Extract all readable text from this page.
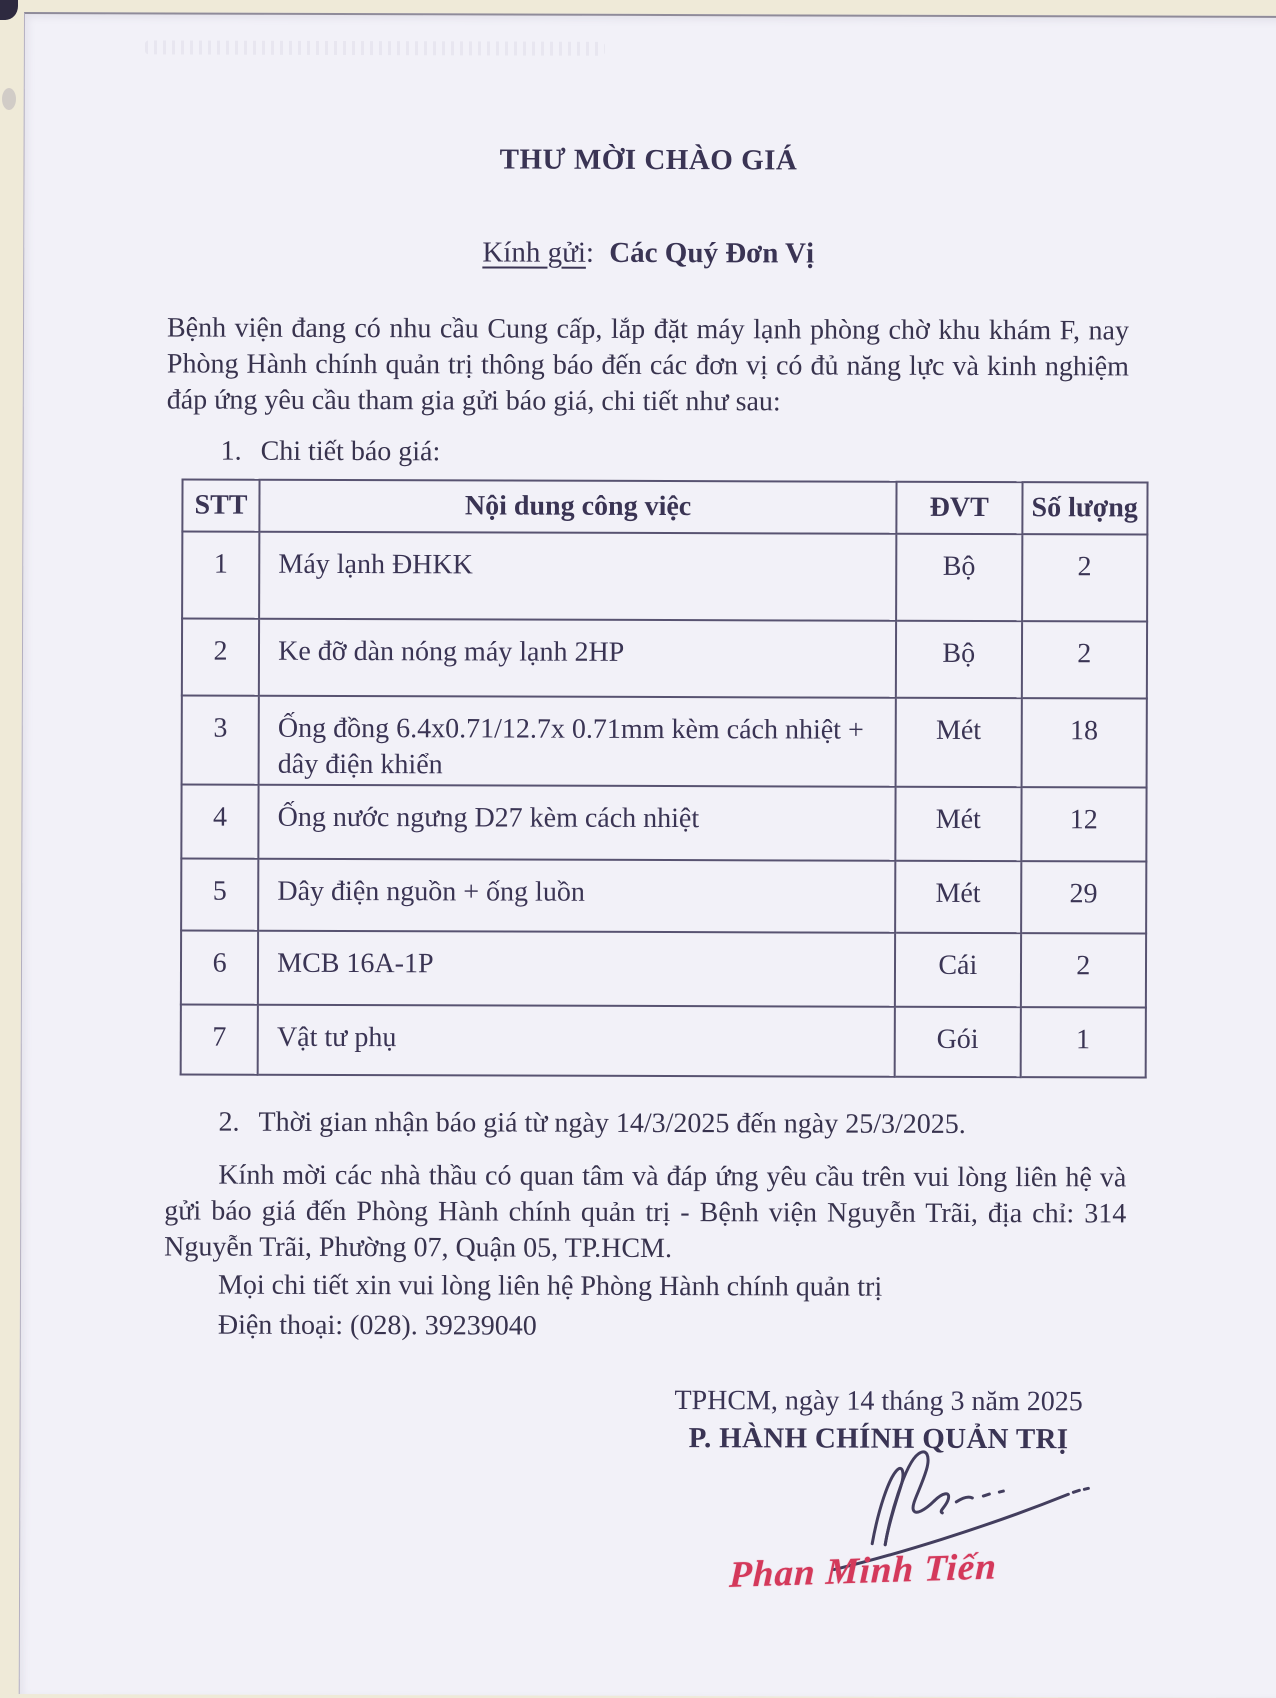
THƯ MỜI CHÀO GIÁ
Kính gửi: Các Quý Đơn Vị

Bệnh viện đang có nhu cầu Cung cấp, lắp đặt máy lạnh phòng chờ khu khám F, nay Phòng Hành chính quản trị thông báo đến các đơn vị có đủ năng lực và kinh nghiệm đáp ứng yêu cầu tham gia gửi báo giá, chi tiết như sau:

1. Chi tiết báo giá:
STT	Nội dung công việc	ĐVT	Số lượng
1	Máy lạnh ĐHKK	Bộ	2
2	Ke đỡ dàn nóng máy lạnh 2HP	Bộ	2
3	Ống đồng 6.4x0.71/12.7x 0.71mm kèm cách nhiệt + dây điện khiển	Mét	18
4	Ống nước ngưng D27 kèm cách nhiệt	Mét	12
5	Dây điện nguồn + ống luồn	Mét	29
6	MCB 16A-1P	Cái	2
7	Vật tư phụ	Gói	1
2. Thời gian nhận báo giá từ ngày 14/3/2025 đến ngày 25/3/2025.

Kính mời các nhà thầu có quan tâm và đáp ứng yêu cầu trên vui lòng liên hệ và gửi báo giá đến Phòng Hành chính quản trị - Bệnh viện Nguyễn Trãi, địa chỉ: 314 Nguyễn Trãi, Phường 07, Quận 05, TP.HCM.

Mọi chi tiết xin vui lòng liên hệ Phòng Hành chính quản trị
Điện thoại: (028). 39239040
TPHCM, ngày 14 tháng 3 năm 2025
P. HÀNH CHÍNH QUẢN TRỊ
Phan Minh Tiến
